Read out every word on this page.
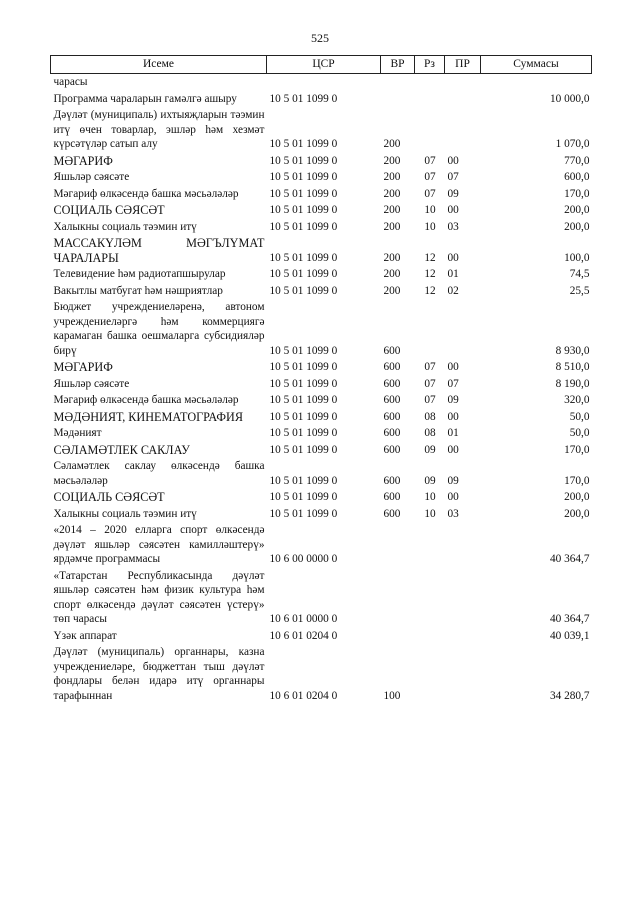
525
Исеме	ЦСР	ВР	Рз	ПР	Суммасы
чарасы					
Программа чараларын гамәлгә ашыру	10 5 01 1099 0				10 000,0
Дәүләт (муниципаль) ихтыяҗларын тәэмин итү өчен товарлар, эшләр һәм хезмәт күрсәтүләр сатып алу	10 5 01 1099 0	200			1 070,0
МӘГАРИФ	10 5 01 1099 0	200	07	00	770,0
Яшьләр сәясәте	10 5 01 1099 0	200	07	07	600,0
Мәгариф өлкәсендә башка мәсьәләләр	10 5 01 1099 0	200	07	09	170,0
СОЦИАЛЬ СӘЯСӘТ	10 5 01 1099 0	200	10	00	200,0
Халыкны социаль тәэмин итү	10 5 01 1099 0	200	10	03	200,0
МАССАКҮЛӘМ МӘГЪЛҮМАТ ЧАРАЛАРЫ	10 5 01 1099 0	200	12	00	100,0
Телевидение һәм радиотапшырулар	10 5 01 1099 0	200	12	01	74,5
Вакытлы матбугат һәм нәшриятлар	10 5 01 1099 0	200	12	02	25,5
Бюджет учреждениеләренә, автоном учреждениеләргә һәм коммерциягә карамаган башка оешмаларга субсидияләр бирү	10 5 01 1099 0	600			8 930,0
МӘГАРИФ	10 5 01 1099 0	600	07	00	8 510,0
Яшьләр сәясәте	10 5 01 1099 0	600	07	07	8 190,0
Мәгариф өлкәсендә башка мәсьәләләр	10 5 01 1099 0	600	07	09	320,0
МӘДӘНИЯТ, КИНЕМАТОГРАФИЯ	10 5 01 1099 0	600	08	00	50,0
Мәдәният	10 5 01 1099 0	600	08	01	50,0
СӘЛАМӘТЛЕК САКЛАУ	10 5 01 1099 0	600	09	00	170,0
Сәламәтлек саклау өлкәсендә башка мәсьәләләр	10 5 01 1099 0	600	09	09	170,0
СОЦИАЛЬ СӘЯСӘТ	10 5 01 1099 0	600	10	00	200,0
Халыкны социаль тәэмин итү	10 5 01 1099 0	600	10	03	200,0
«2014 – 2020 елларга спорт өлкәсендә дәүләт яшьләр сәясәтен камилләштерү» ярдәмче программасы	10 6 00 0000 0				40 364,7
«Татарстан Республикасында дәүләт яшьләр сәясәтен һәм физик культура һәм спорт өлкәсендә дәүләт сәясәтен үстерү» төп чарасы	10 6 01 0000 0				40 364,7
Үзәк аппарат	10 6 01 0204 0				40 039,1
Дәүләт (муниципаль) органнары, казна учреждениеләре, бюджеттан тыш дәүләт фондлары белән идарә итү органнары тарафыннан	10 6 01 0204 0	100			34 280,7
